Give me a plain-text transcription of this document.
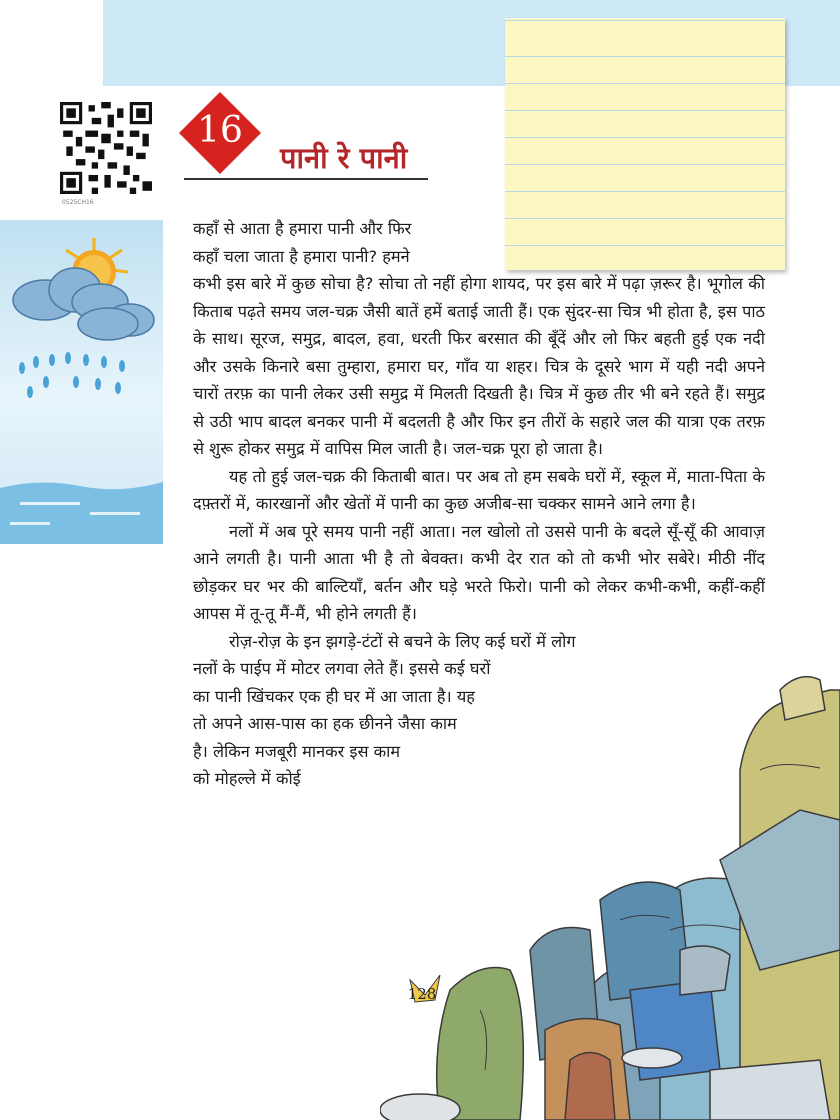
0525CH16
16
पानी रे पानी

कहाँ से आता है हमारा पानी और फिर

कहाँ चला जाता है हमारा पानी? हमने

कभी इस बारे में कुछ सोचा है? सोचा तो नहीं होगा शायद, पर इस बारे में पढ़ा ज़रूर है। भूगोल की किताब पढ़ते समय जल-चक्र जैसी बातें हमें बताई जाती हैं। एक सुंदर-सा चित्र भी होता है, इस पाठ के साथ। सूरज, समुद्र, बादल, हवा, धरती फिर बरसात की बूँदें और लो फिर बहती हुई एक नदी और उसके किनारे बसा तुम्हारा, हमारा घर, गाँव या शहर। चित्र के दूसरे भाग में यही नदी अपने चारों तरफ़ का पानी लेकर उसी समुद्र में मिलती दिखती है। चित्र में कुछ तीर भी बने रहते हैं। समुद्र से उठी भाप बादल बनकर पानी में बदलती है और फिर इन तीरों के सहारे जल की यात्रा एक तरफ़ से शुरू होकर समुद्र में वापिस मिल जाती है। जल-चक्र पूरा हो जाता है।

यह तो हुई जल-चक्र की किताबी बात। पर अब तो हम सबके घरों में, स्कूल में, माता-पिता के दफ़्तरों में, कारखानों और खेतों में पानी का कुछ अजीब-सा चक्कर सामने आने लगा है।

नलों में अब पूरे समय पानी नहीं आता। नल खोलो तो उससे पानी के बदले सूँ-सूँ की आवाज़ आने लगती है। पानी आता भी है तो बेवक्त। कभी देर रात को तो कभी भोर सबेरे। मीठी नींद छोड़कर घर भर की बाल्टियाँ, बर्तन और घड़े भरते फिरो। पानी को लेकर कभी-कभी, कहीं-कहीं आपस में तू-तू मैं-मैं, भी होने लगती हैं।

रोज़-रोज़ के इन झगड़े-टंटों से बचने के लिए कई घरों में लोग

नलों के पाईप में मोटर लगवा लेते हैं। इससे कई घरों

का पानी खिंचकर एक ही घर में आ जाता है। यह

तो अपने आस-पास का हक छीनने जैसा काम

है। लेकिन मजबूरी मानकर इस काम

को मोहल्ले में कोई

128
